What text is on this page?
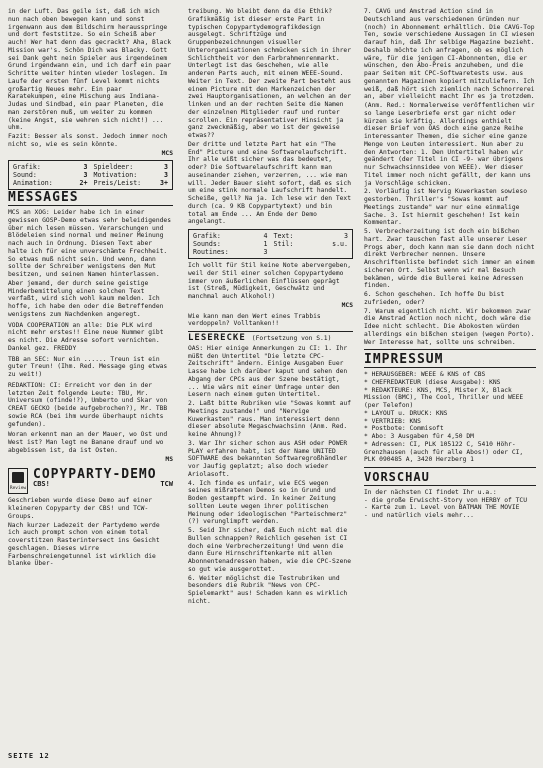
in der Luft. Das geile ist, daß ich mich nun nach oben bewegen kann und sonst irgenwann aus dem Bildschirm herausspringe und dort feststitze. So ein Scheiß aber auch! Wer hat denn das gecrackt? Aha, Black Mission war's. Schön Dich was Blacky. Gott sei Dank geht nein Spieler aus irgendeinem Grund irgendwann ein, und ich darf ein paar Schritte weiter hinten wieder loslegen. Im Laufe der ersten fünf Level kommt nichts großartig Neues mehr. Ein paar Karatekumpen, eine Mischung aus Indiana-Judas und Sindbad, ein paar Planeten, die man zerstören muß, um weiter zu kommen (keine Angst, sie wehren sich nicht!) ... uhm.

Fazit: Besser als sonst. Jedoch immer noch nicht so, wie es sein könnte.

MCS

Grafik:	3 Spieldeer:	3
Sound:	3 Motivation:	3
Animation:	2+ Preis/Leist:	3+
MESSAGES

MCS an XOG: Leider habe ich in einer gewissen GOSP-Demo etwas sehr beleidigendes über mich lesen müssen. Verarschungen und Blödeleien sind normal und meiner Meinung nach auch in Ordnung. Diesen Text aber halte ich für eine unverschämte Frechheit. So etwas muß nicht sein. Und wenn, dann sollte der Schreiber wenigstens den Mut besitzen, und seinen Namen hinterlassen.

Aber jemand, der durch seine geistige Minderbemittelung einen solchen Text verfaßt, wird sich wohl kaum melden. Ich hoffe, ich habe den oder die Betreffenden wenigstens zum Nachdenken angeregt.

VODA COOPERATION an alle: Die PLK wird nicht mehr erstes!! Eine neue Nummer gibt es nicht. Die Adresse sofort vernichten. Dankel gez. FREDDY

TBB an SEC: Nur ein ...... Treun ist ein guter Treun! (Ihm. Red. Message ging etwas zu weit!)

REDAKTION: CI: Erreicht vor den in der letzten Zeit folgende Leute: TBU, Mr. Universum (ofinde!?), Umberto und Skar von CREAT GECKO (beide aufgebrochen?), Mr. TBB sowie RCA (bei ihm wurde überhaupt nichts gefunden).

Woran erkennt man an der Mauer, wo Ost und West ist? Man legt ne Banane drauf und wo abgebissen ist, da ist Osten.

MS

Review
COPYPARTY-DEMO
CBS!	TCW

Geschrieben wurde diese Demo auf einer kleineren Copyparty der CBS! und TCW-Groups.

Nach kurzer Ladezeit der Partydemo werde ich auch prompt schon von einem total coverstitzen Rasterintersect ins Gesicht geschlagen. Dieses wirre Farbenschreiengetunnel ist wirklich die blanke Über-

treibung. Wo bleibt denn da die Ethik? Grafikmäßig ist dieser erste Part in typischen Copypartydemografikdesign ausgelegt. Schriftzüge und Gruppenbezeichnungen visueller Unterorganisationen schmücken sich in ihrer Schlichtheit vor den Farbrahmenrenmarkt. Unterlegt ist das Geschehen, wie alle anderen Parts auch, mit einem WEEE-Sound. Weiter in Text. Der zweite Part besteht aus einem Picture mit den Markenzeichen der zwei Hauptorganisationen, an welchen an der linken und an der rechten Seite die Namen der einzelnen Mitglieder rauf und runter scrollen. Ein repräsentativer Hinsicht ja ganz zweckmäßig, aber wo ist der geweise etwas??

Der dritte und letzte Part hat ein "The End" Picture und eine Softwarelaufschrift. Ihr alle wißt sicher was das bedeutet, oder? Die Softwarelaufschrift kann man auseinander ziehen, verzerren, ... wie man will. Jeder Bauer sieht sofort, daß es sich um eine stink normale Laufschrift handelt. Scheiße, gell? Na ja. Ich lese wir den Text durch (ca. 9 KB Copypartytext) und bin total am Ende ... Am Ende der Demo angelangt.

Grafik:	4 Text:	3
Sounds:	1 Stil:	s.u.
Routines:	3

Ich wollt für Stil keine Note abervergeben, weil der Stil einer solchen Copypartydemo immer von äußerlichen Einflüssen geprägt ist (Streß, Müdigkeit, Geschwätz und manchmal auch Alkohol!)

MCS

Wie kann man den Wert eines Trabbis verdoppeln? Volltanken!!

LESERECKE (Fortsetzung von S.1)

OAS: Hier einige Anmerkungen zu CI: 1. Ihr müßt den Untertitel "Die letzte CPC-Zeitschrift" ändern. Einige Ausgaben Euer Lasse habe ich darüber kaput und sehen den Abgang der CPCs aus der Szene bestätigt, ... Wie wärs mit einer Umfrage unter den Lesern nach einem guten Untertitel.

2. Laßt bitte Rubriken wie "Sowas kommt auf Meetings zustande!" und "Nervige Kuwerkasten" raus. Man interessiert denn dieser absolute Megaschwachsinn (Anm. Red. keine Ahnung)?

3. War Ihr sicher schon aus ASH oder POWER PLAY erfahren habt, ist der Name UNITED SOFTWARE des bekannten Softwaregroßhändler vor Jaufig geplatzt; also doch wieder Ariolasoft.

4. Ich finde es unfair, wie ECS wegen seines mißratenen Demos so in Grund und Boden gestampft wird. In keiner Zeitung sollten Leute wegen ihrer politischen Meinung oder ideologischen "Parteischmerz" (?) verunglimpft werden.

5. Seid Ihr sicher, daß Euch nicht mal die Bullen schnappen? Reichlich gesehen ist CI doch eine Verbrecherzeitung! Und wenn die dann Eure Hirnschriftenkarte mit allen Abonnentenadressen haben, wie die CPC-Szene so gut wie ausgerottet.

6. Weiter möglichst die Testrubriken und besonders die Rubrik "News von CPC-Spielemarkt" aus! Schaden kann es wirklich nicht.

7. CAVG und Amstrad Action sind in Deutschland aus verschiedenen Gründen nur (noch) in Abonnement erhältlich. Die CAVG-Top Ten, sowie verschiedene Aussagen in CI wiesen darauf hin, daß Ihr selbige Magazine bezieht. Deshalb möchte ich anfragen, ob es möglich wäre, für die jenigen CI-Abonnenten, die er wünschen, den Abo-Preis anzuheben, und die paar Seiten mit CPC-Softwaretests usw. aus genannten Magazinen kopiert mitzuliefern. Ich weiß, daß hört sich ziemlich nach Schnorrerei an, aber vielleicht macht Ihr es ja trotzdem.

(Anm. Red.: Normalerweise veröffentlichen wir so lange Leserbriefe erst gar nicht oder kürzen sie kräftig. Allerdings enthielt dieser Brief von OAS doch eine ganze Reihe interessanter Themen, die sicher eine ganze Menge von Leuten interessiert. Nun aber zu den Antworten: 1. Den Untertitel haben wir geändert (der Titel in CI -9- war übrigens nur Schwachsinnsidee von WEEE). Wer dieser Titel immer noch nicht gefällt, der kann uns ja Vorschläge schicken.

2. Vorläufig ist Nervig Kuwerkasten sowieso gestorben. Thriller's "Sowas kommt auf Meetings zustande" war nur eine einmalige Sache. 3. Ist hiermit geschehen! Ist kein Kommentar.

5. Verbrecherzeitung ist doch ein bißchen hart. Zwar tauschen fast alle unserer Leser Progs aber, doch kann man sie dann doch nicht direkt Verbrecher nennen. Unsere Anschriftenliste befindet sich immer an einem sicheren Ort. Selbst wenn wir mal Besuch bekämen, würde die Bullerei keine Adressen finden.

6. Schon geschehen. Ich hoffe Du bist zufrieden, oder?

7. Warum eigentlich nicht. Wir bekommen zwar die Amstrad Action noch nicht, doch wäre die Idee nicht schlecht. Die Abokosten würden allerdings ein bißchen steigen (wegen Porto). Wer Interesse hat, sollte uns schreiben.

IMPRESSUM

* HERAUSGEBER: WEEE & KNS of CBS

* CHEFREDAKTEUR (diese Ausgabe): KNS

* REDAKTEURE: KNS, MCS, Mister X, Black Mission (BMC), The Cool, Thriller und WEEE (per Telefon)

* LAYOUT u. DRUCK: KNS

* VERTRIEB: KNS

* Postbote: Commisoft

* Abo: 3 Ausgaben für 4,50 DM

* Adressen: CI, PLK 105122 C, 5410 Höhr-Grenzhausen (auch für alle Abos!) oder CI, PLK 090485 A, 3420 Herzberg 1

VORSCHAU

In der nächsten CI findet Ihr u.a.:

- die große Erwischt-Story von HERBY of TCU

- Karte zum 1. Level von BATMAN THE MOVIE

- und natürlich viels mehr...

SEITE 12
